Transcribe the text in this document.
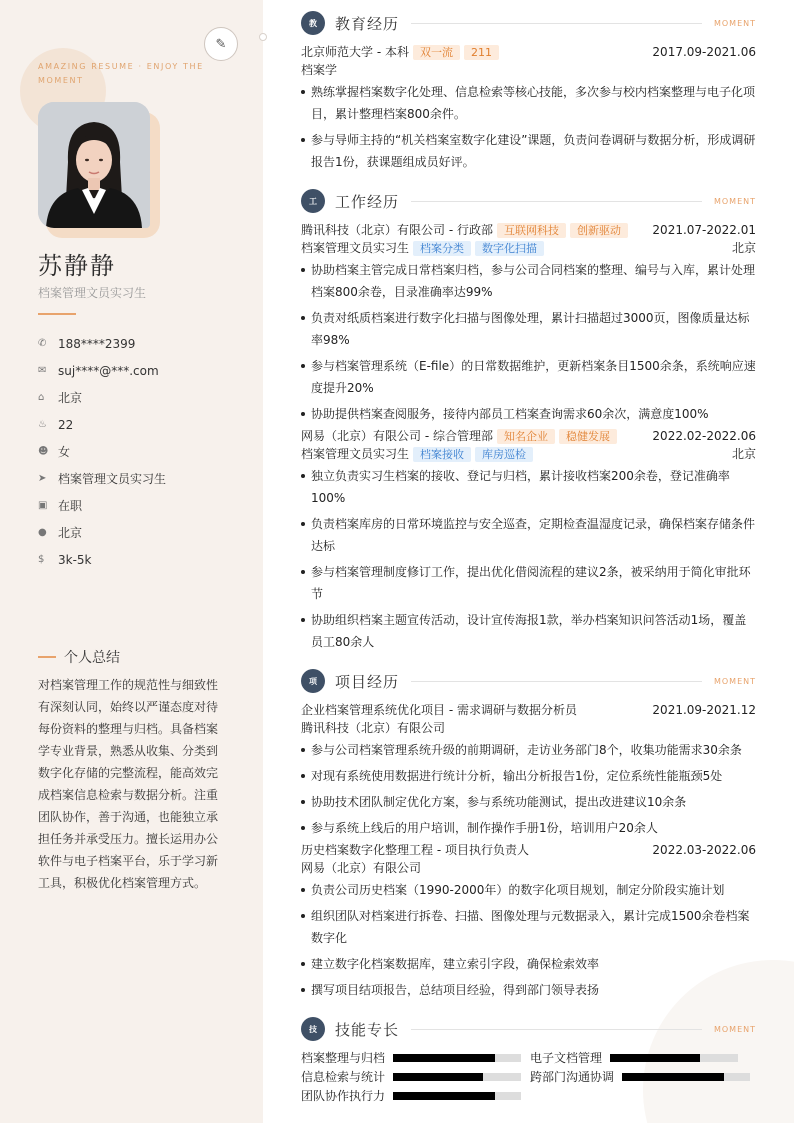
AMAZING RESUME · ENJOY THE MOMENT
苏静静
档案管理文员实习生
✆ 188****2399
✉ suj****@***.com
⌂	北京
♨ 22
☻ 女
➤ 档案管理文员实习生
▣ 在职
● 北京
$	3k-5k
个人总结
对档案管理工作的规范性与细致性有深刻认同，始终以严谨态度对待每份资料的整理与归档。具备档案学专业背景，熟悉从收集、分类到数字化存储的完整流程，能高效完成档案信息检索与数据分析。注重团队协作，善于沟通，也能独立承担任务并承受压力。擅长运用办公软件与电子档案平台，乐于学习新工具，积极优化档案管理方式。
✎
教	教育经历	MOMENT
北京师范大学 - 本科	双一流	211	2017.09-2021.06
档案学
熟练掌握档案数字化处理、信息检索等核心技能，多次参与校内档案整理与电子化项目，累计整理档案800余件。
参与导师主持的“机关档案室数字化建设”课题，负责问卷调研与数据分析，形成调研报告1份，获课题组成员好评。
工	工作经历	MOMENT
腾讯科技（北京）有限公司 - 行政部	互联网科技	创新驱动	2021.07-2022.01
档案管理文员实习生	档案分类	数字化扫描	北京
协助档案主管完成日常档案归档，参与公司合同档案的整理、编号与入库，累计处理档案800余卷，目录准确率达99%
负责对纸质档案进行数字化扫描与图像处理，累计扫描超过3000页，图像质量达标率98%
参与档案管理系统（E-file）的日常数据维护，更新档案条目1500余条，系统响应速度提升20%
协助提供档案查阅服务，接待内部员工档案查询需求60余次，满意度100%
网易（北京）有限公司 - 综合管理部	知名企业	稳健发展	2022.02-2022.06
档案管理文员实习生	档案接收	库房巡检	北京
独立负责实习生档案的接收、登记与归档，累计接收档案200余卷，登记准确率100%
负责档案库房的日常环境监控与安全巡查，定期检查温湿度记录，确保档案存储条件达标
参与档案管理制度修订工作，提出优化借阅流程的建议2条，被采纳用于简化审批环节
协助组织档案主题宣传活动，设计宣传海报1款，举办档案知识问答活动1场，覆盖员工80余人
项	项目经历	MOMENT
企业档案管理系统优化项目 - 需求调研与数据分析员	2021.09-2021.12
腾讯科技（北京）有限公司
参与公司档案管理系统升级的前期调研，走访业务部门8个，收集功能需求30余条
对现有系统使用数据进行统计分析，输出分析报告1份，定位系统性能瓶颈5处
协助技术团队制定优化方案，参与系统功能测试，提出改进建议10余条
参与系统上线后的用户培训，制作操作手册1份，培训用户20余人
历史档案数字化整理工程 - 项目执行负责人	2022.03-2022.06
网易（北京）有限公司
负责公司历史档案（1990-2000年）的数字化项目规划，制定分阶段实施计划
组织团队对档案进行拆卷、扫描、图像处理与元数据录入，累计完成1500余卷档案数字化
建立数字化档案数据库，建立索引字段，确保检索效率
撰写项目结项报告，总结项目经验，得到部门领导表扬
技	技能专长	MOMENT
档案整理与归档	电子文档管理
信息检索与统计	跨部门沟通协调
团队协作执行力
